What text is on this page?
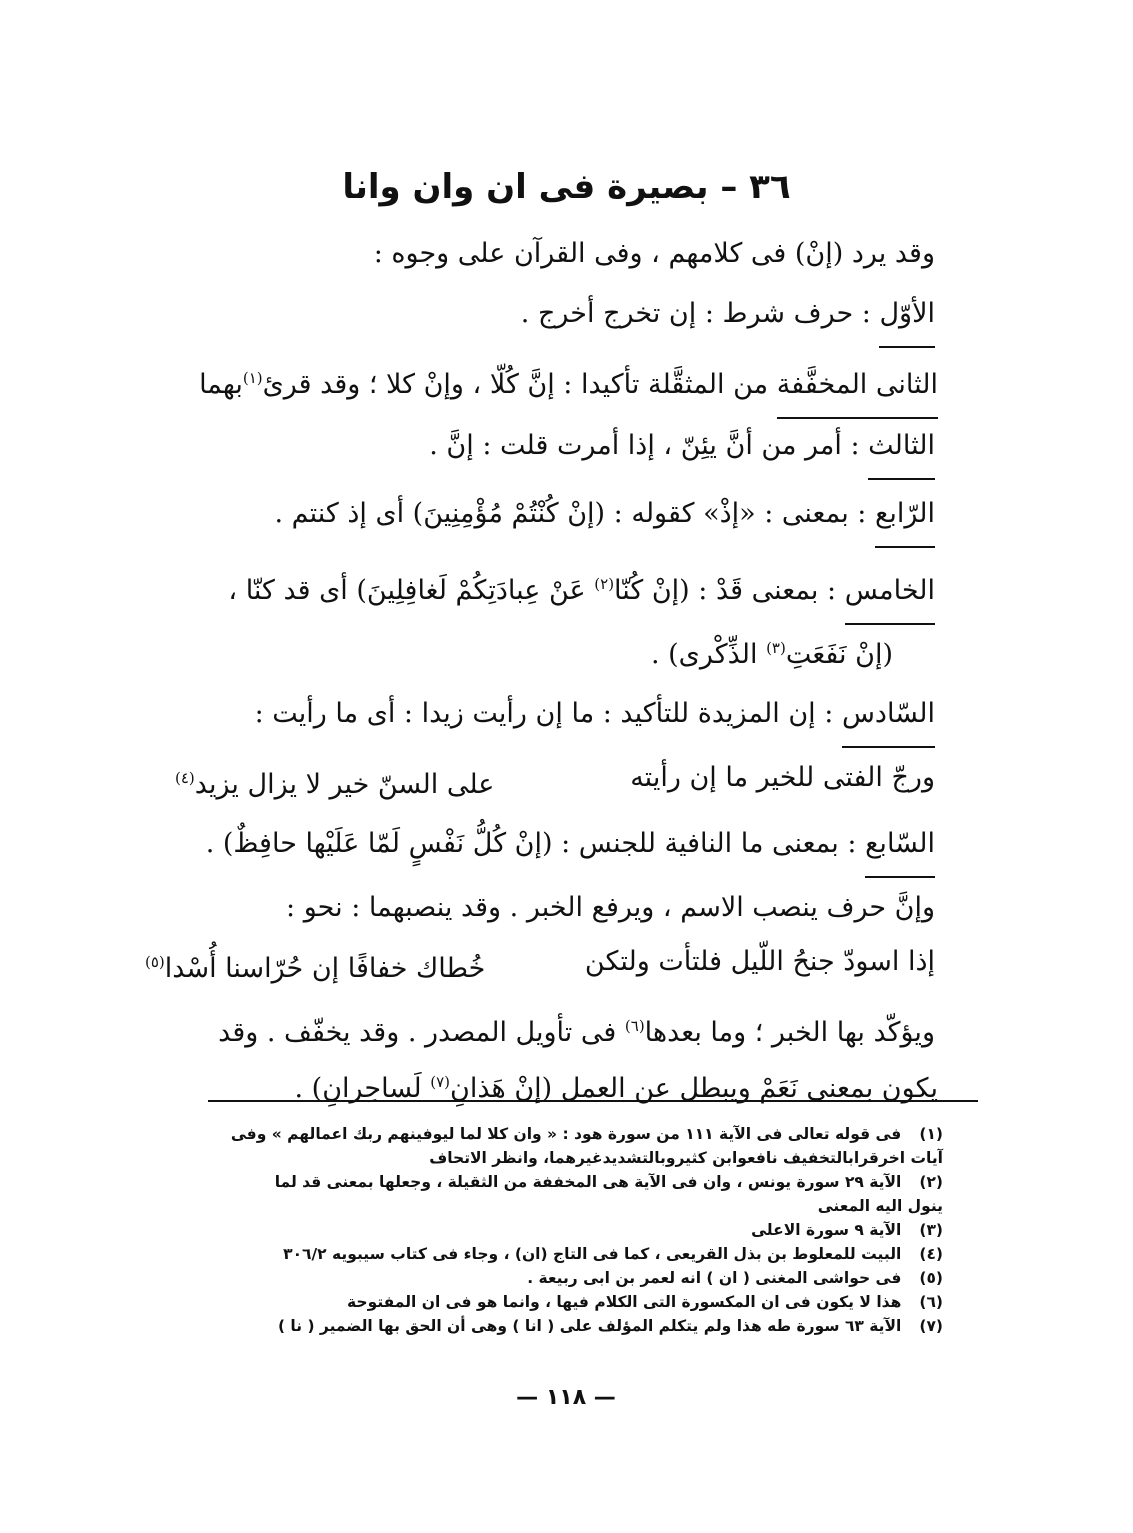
٣٦ – بصيرة فى ان وان وانا
وقد يرد (إنْ) فى كلامهم ، وفى القرآن على وجوه :
الأوّل : حرف شرط : إن تخرج أخرج .
الثانى المخفَّفة من المثقَّلة تأكيدا : إنَّ كُلّا ، وإنْ كلا ؛ وقد قرئ$^{(١)}$بهما
الثالث : أمر من أنَّ يئِنّ ، إذا أمرت قلت : إنَّ .
الرّابع : بمعنى : «إذْ» كقوله : (إنْ كُنْتُمْ مُؤْمِنِينَ) أى إذ كنتم .
الخامس : بمعنى قَدْ : (إنْ كُنّا$^{(٢)}$ عَنْ عِبادَتِكُمْ لَغافِلِينَ) أى قد كنّا ،
(إنْ نَفَعَتِ$^{(٣)}$ الذِّكْرى) .
السّادس : إن المزيدة للتأكيد : ما إن رأيت زيدا : أى ما رأيت :
ورجّ الفتى للخير ما إن رأيته
على السنّ خير لا يزال يزيد(٤)
السّابع : بمعنى ما النافية للجنس : (إنْ كُلُّ نَفْسٍ لَمّا عَلَيْها حافِظٌ) .
وإنَّ حرف ينصب الاسم ، ويرفع الخبر . وقد ينصبهما : نحو :
إذا اسودّ جنحُ اللّيل فلتأت ولتكن
خُطاك خفافًا إن حُرّاسنا أُسْدا(٥)
ويؤكّد بها الخبر ؛ وما بعدها$^{(٦)}$ فى تأويل المصدر . وقد يخفّف . وقد
يكون بمعنى نَعَمْ ويبطل عن العمل (إنْ هَذانِ$^{(٧)}$ لَساحِرانِ) .
(١)فى قوله تعالى فى الآية ١١١ من سورة هود : « وان كلا لما ليوفينهم ربك اعمالهم » وفى
آيات اخرقرابالتخفيف نافعوابن كثيروبالتشديدغيرهما، وانظر الاتحاف
(٢)الآية ٢٩ سورة يونس ، وان فى الآية هى المخففة من الثقيلة ، وجعلها بمعنى قد لما
ينول اليه المعنى
(٣)الآية ٩ سورة الاعلى
(٤)البيت للمعلوط بن بذل القريعى ، كما فى التاج (ان) ، وجاء فى كتاب سيبويه ٣٠٦/٢
(٥)فى حواشى المغنى ( ان ) انه لعمر بن ابى ربيعة .
(٦)هذا لا يكون فى ان المكسورة التى الكلام فيها ، وانما هو فى ان المفتوحة
(٧)الآية ٦٣ سورة طه هذا ولم يتكلم المؤلف على ( انا ) وهى أن الحق بها الضمير ( نا )
— ١١٨ —
